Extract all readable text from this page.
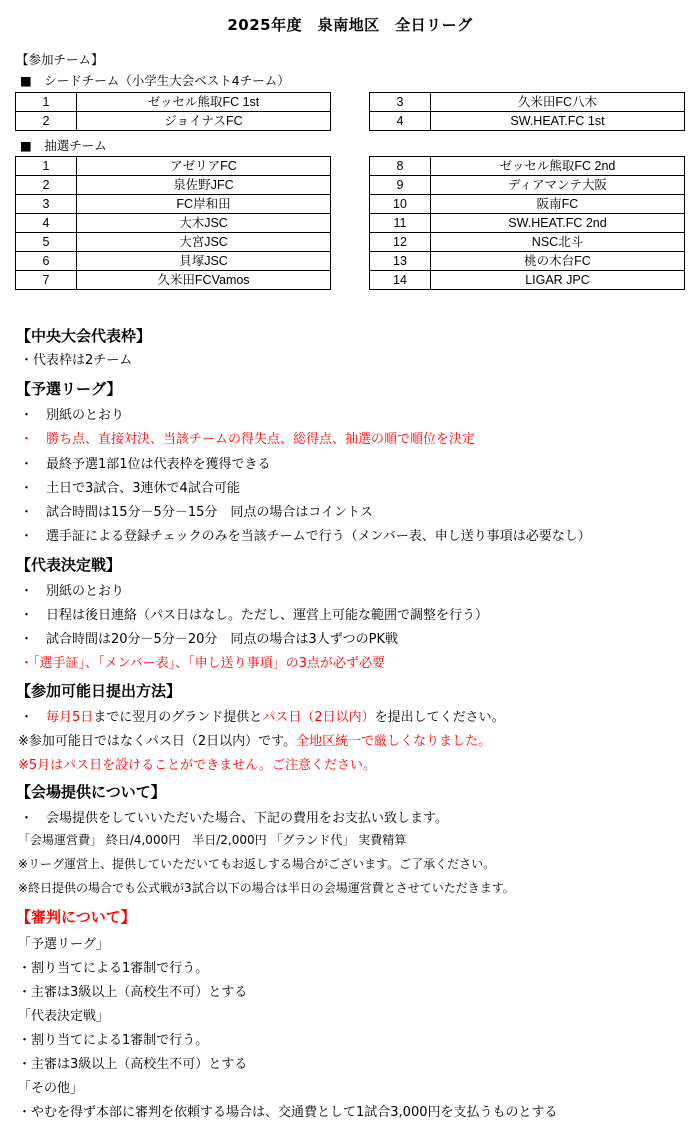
2025年度　泉南地区　全日リーグ
【参加チーム】
■　シードチーム（小学生大会ベスト4チーム）
1	ゼッセル熊取FC 1st
2	ジョイナスFC
3	久米田FC八木
4	SW.HEAT.FC 1st
■　抽選チーム
1	アゼリアFC
2	泉佐野JFC
3	FC岸和田
4	大木JSC
5	大宮JSC
6	貝塚JSC
7	久米田FCVamos
8	ゼッセル熊取FC 2nd
9	ディアマンテ大阪
10	阪南FC
11	SW.HEAT.FC 2nd
12	NSC北斗
13	桃の木台FC
14	LIGAR JPC
【中央大会代表枠】
・代表枠は2チーム
【予選リーグ】
・　別紙のとおり
・　勝ち点、直接対決、当該チームの得失点、総得点、抽選の順で順位を決定
・　最終予選1部1位は代表枠を獲得できる
・　土日で3試合、3連休で4試合可能
・　試合時間は15分－5分－15分　同点の場合はコイントス
・　選手証による登録チェックのみを当該チームで行う（メンバー表、申し送り事項は必要なし）
【代表決定戦】
・　別紙のとおり
・　日程は後日連絡（パス日はなし。ただし、運営上可能な範囲で調整を行う）
・　試合時間は20分－5分－20分　同点の場合は3人ずつのPK戦
・「選手証」、「メンバー表」、「申し送り事項」の3点が必ず必要
【参加可能日提出方法】
・　毎月5日までに翌月のグランド提供とパス日（2日以内）を提出してください。
※参加可能日ではなくパス日（2日以内）です。全地区統一で厳しくなりました。
※5月はパス日を設けることができません。ご注意ください。
【会場提供について】
・　会場提供をしていいただいた場合、下記の費用をお支払い致します。
「会場運営費」 終日/4,000円　半日/2,000円 「グランド代」 実費精算
※リーグ運営上、提供していただいてもお返しする場合がございます。ご了承ください。
※終日提供の場合でも公式戦が3試合以下の場合は半日の会場運営費とさせていただきます。
【審判について】
「予選リーグ」
・割り当てによる1審制で行う。
・主審は3級以上（高校生不可）とする
「代表決定戦」
・割り当てによる1審制で行う。
・主審は3級以上（高校生不可）とする
「その他」
・やむを得ず本部に審判を依頼する場合は、交通費として1試合3,000円を支払うものとする
